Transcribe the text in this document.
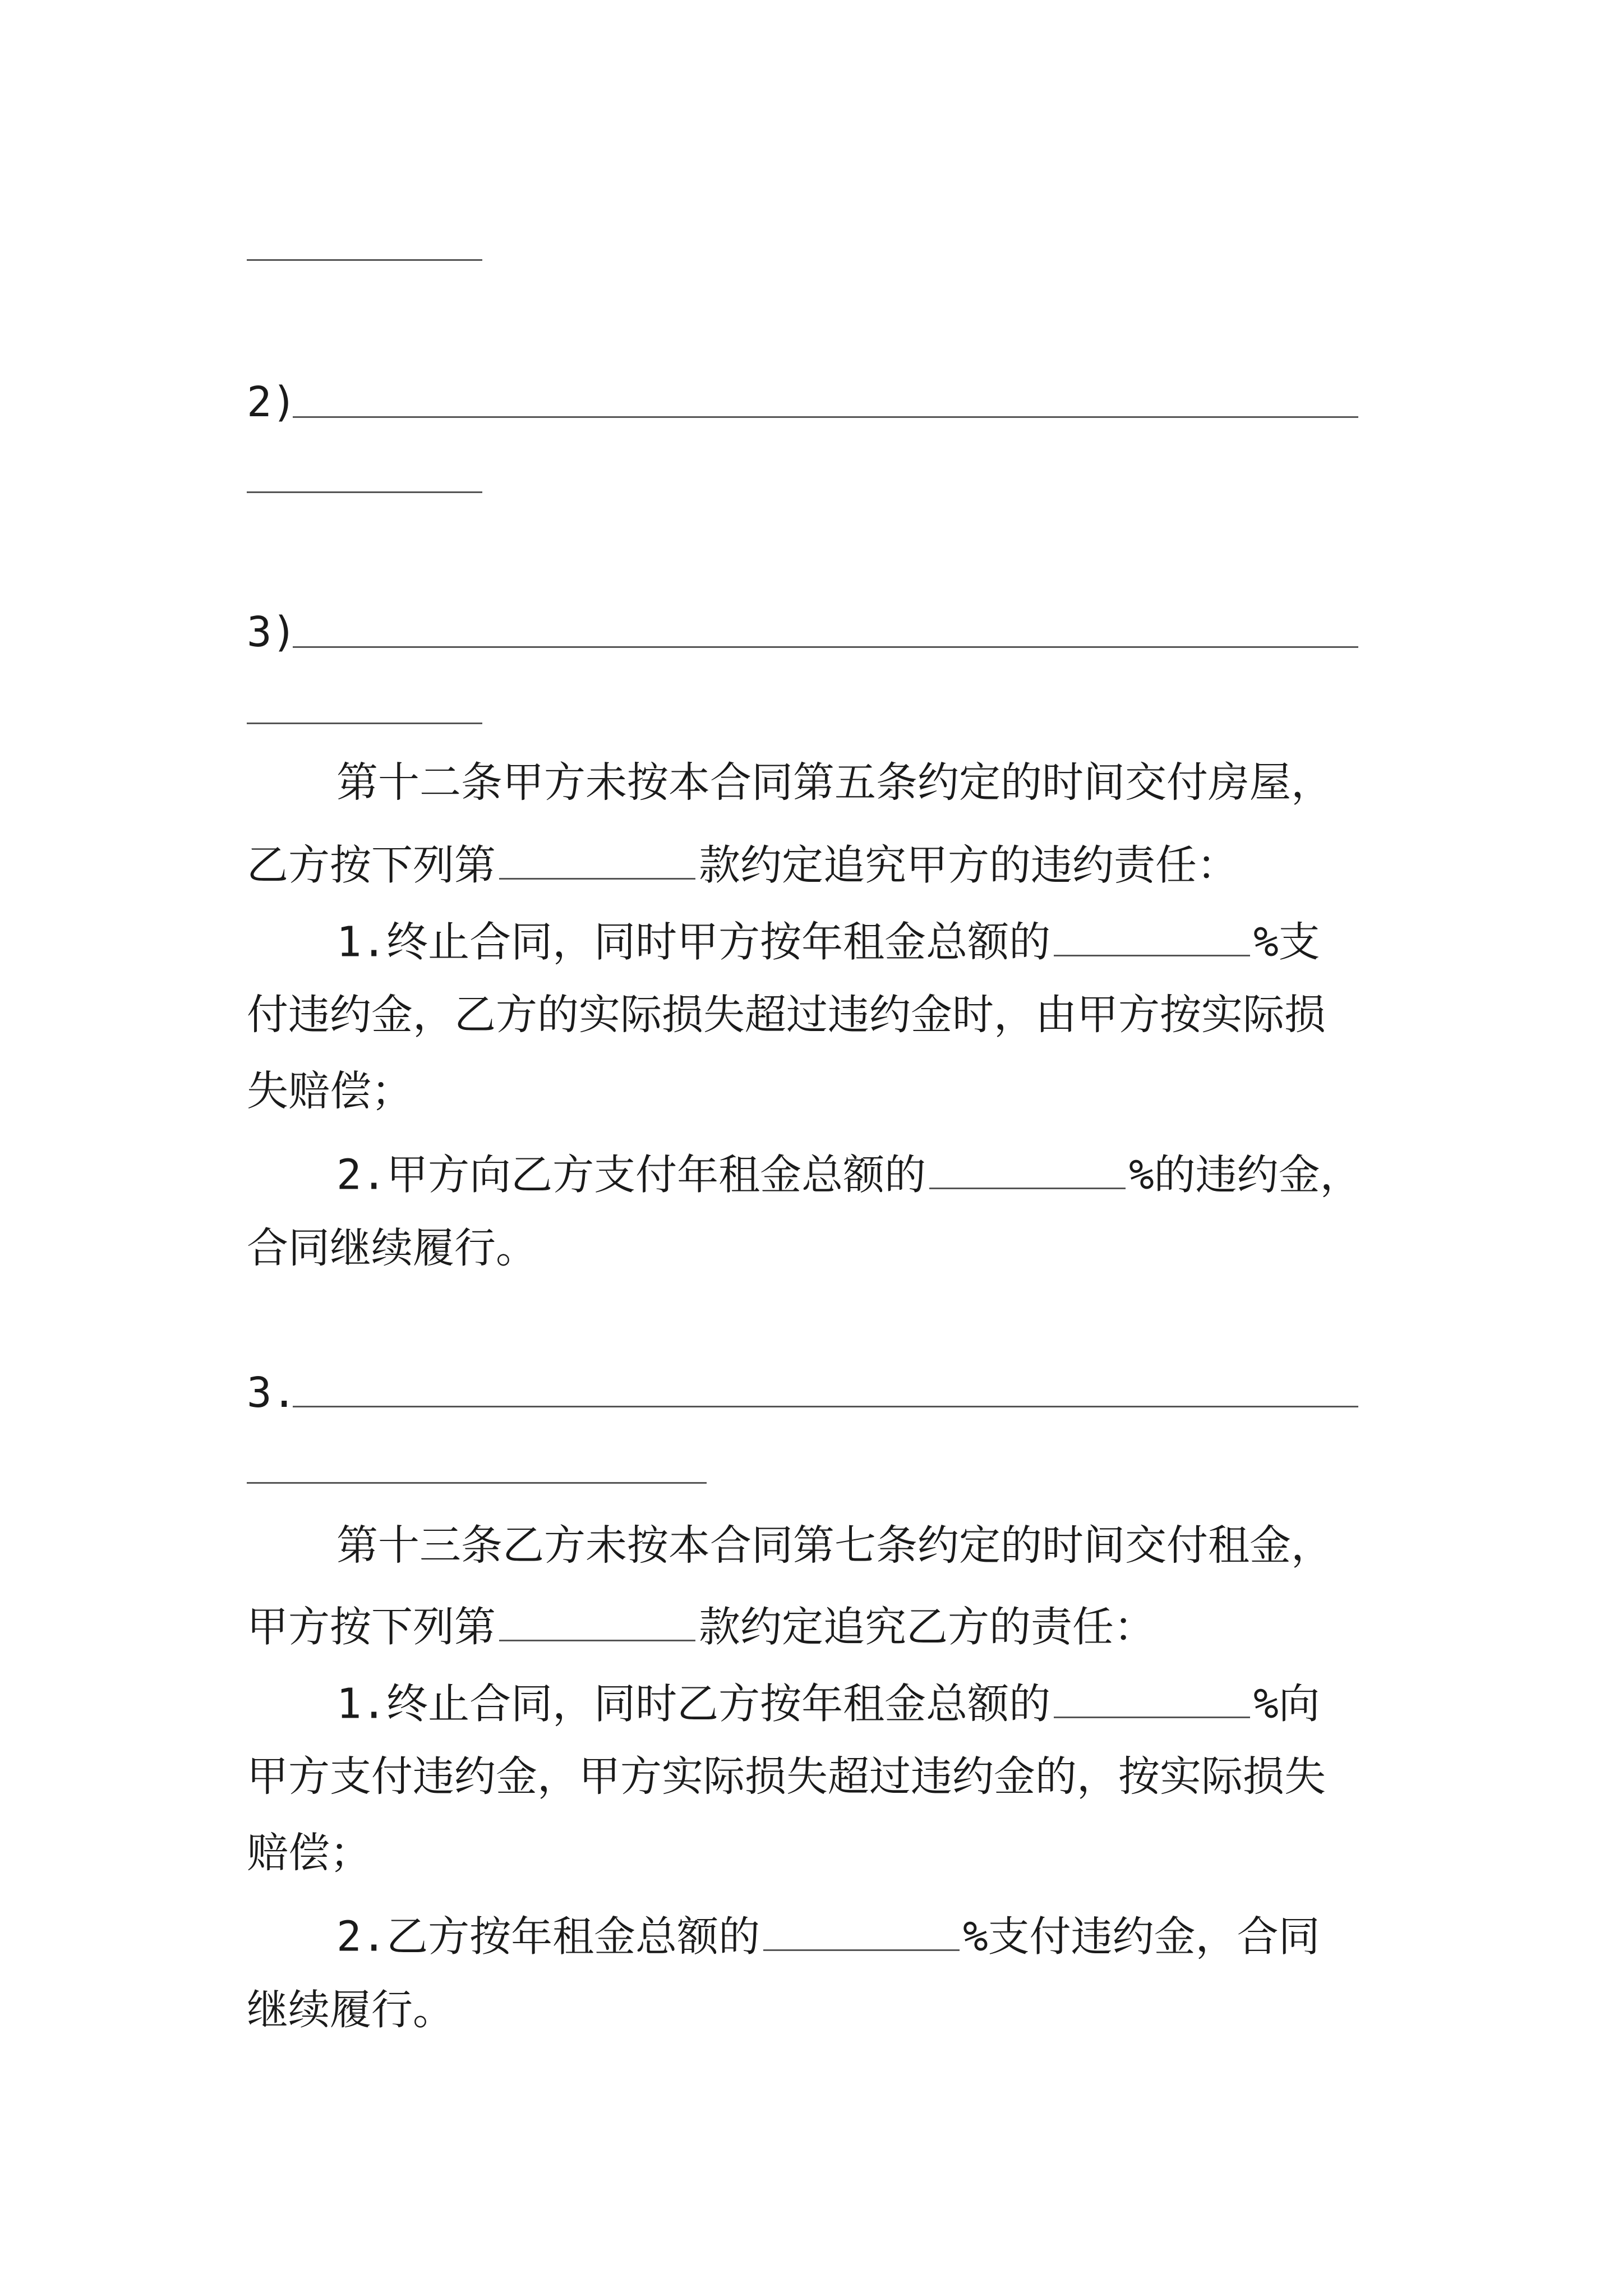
2)
3)
第十二条甲方未按本合同第五条约定的时间交付房屋，
乙方按下列第	款约定追究甲方的违约责任：
1.终止合同，同时甲方按年租金总额的	%支
付违约金，乙方的实际损失超过违约金时，由甲方按实际损
失赔偿；
2.甲方向乙方支付年租金总额的	%的违约金，
合同继续履行。
3.
第十三条乙方未按本合同第七条约定的时间交付租金，
甲方按下列第	款约定追究乙方的责任：
1.终止合同，同时乙方按年租金总额的	%向
甲方支付违约金，甲方实际损失超过违约金的，按实际损失
赔偿；
2.乙方按年租金总额的	%支付违约金，合同
继续履行。
